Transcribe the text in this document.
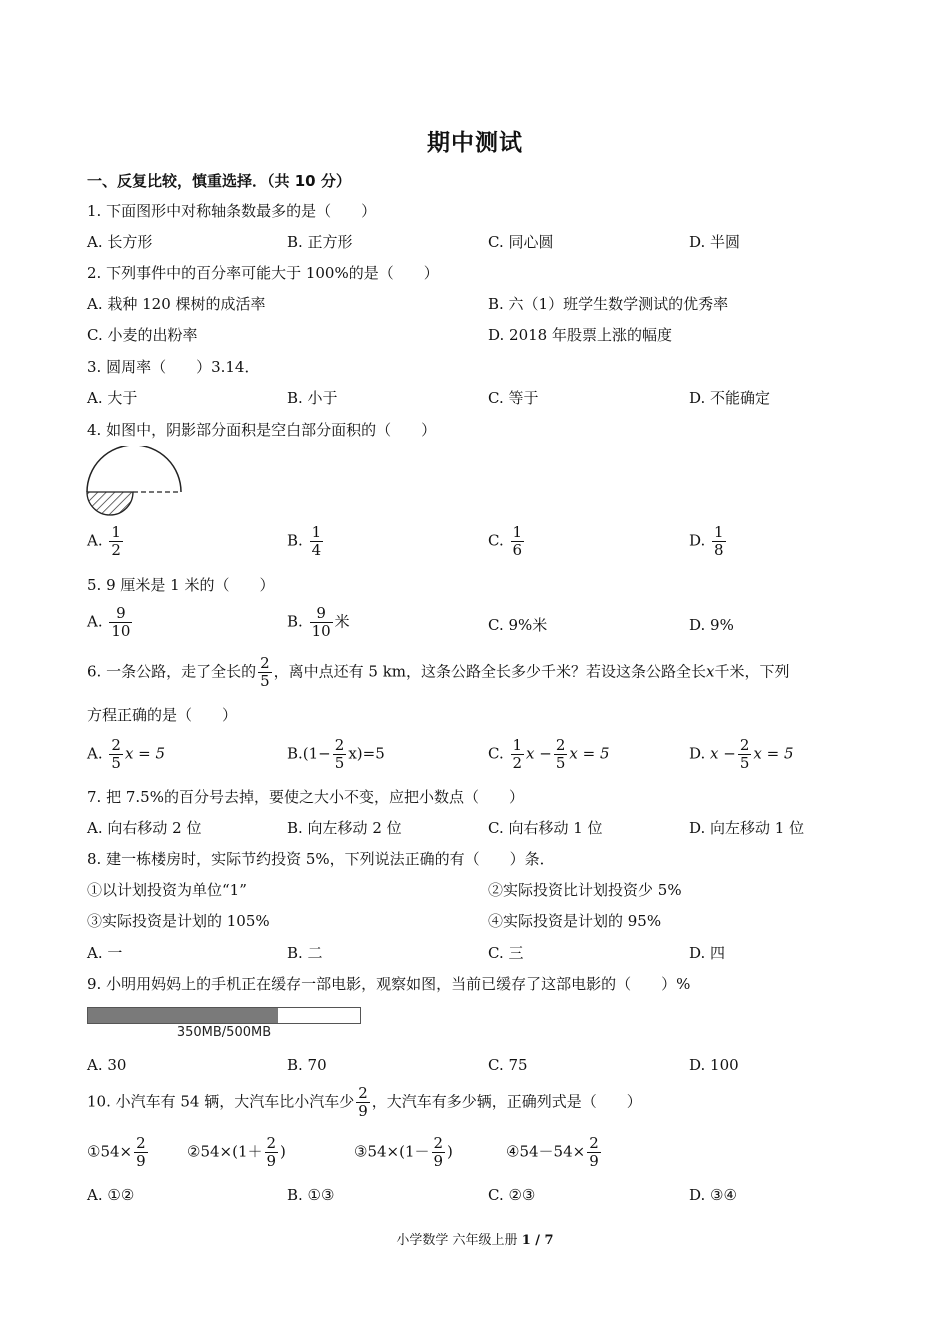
期中测试
一、反复比较，慎重选择．（共 10 分）
1. 下面图形中对称轴条数最多的是（　　）
A. 长方形	B. 正方形	C. 同心圆	D. 半圆
2. 下列事件中的百分率可能大于 100%的是（　　）
A. 栽种 120 棵树的成活率	B. 六（1）班学生数学测试的优秀率
C. 小麦的出粉率	D. 2018 年股票上涨的幅度
3. 圆周率（　　）3.14．
A. 大于	B. 小于	C. 等于	D. 不能确定
4. 如图中，阴影部分面积是空白部分面积的（　　）
A. $\frac{1}{2}$	B. $\frac{1}{4}$	C. $\frac{1}{6}$	D. $\frac{1}{8}$
5. 9 厘米是 1 米的（　　）
A. $\frac{9}{10}$	B. $\frac{9}{10}$ 米	C. 9%米	D. 9%
6. 一条公路，走了全长的 $\frac{2}{5}$ ，离中点还有 5 km，这条公路全长多少千米？若设这条公路全长x千米，下列
方程正确的是（　　）
A. $\frac{2}{5}$ x = 5	$B.(1- \frac{2}{5} x)=5$	C. $\frac{1}{2}$ $x - \frac{2}{5}$ x = 5	D. $x - \frac{2}{5}$ x = 5
7. 把 7.5%的百分号去掉，要使之大小不变，应把小数点（　　）
A. 向右移动 2 位	B. 向左移动 2 位	C. 向右移动 1 位	D. 向左移动 1 位
8. 建一栋楼房时，实际节约投资 5%，下列说法正确的有（　　）条．
①以计划投资为单位“1”	②实际投资比计划投资少 5%
③实际投资是计划的 105%	④实际投资是计划的 95%
A. 一	B. 二	C. 三	D. 四
9. 小明用妈妈上的手机正在缓存一部电影，观察如图，当前已缓存了这部电影的（　　）%
350MB/500MB
A. 30	B. 70	C. 75	D. 100
10. 小汽车有 54 辆，大汽车比小汽车少 $\frac{2}{9}$ ，大汽车有多少辆，正确列式是（　　）
①54× $\frac{2}{9}$	②54×(1＋ $\frac{2}{9}$ )	③54×(1－ $\frac{2}{9}$ )	④54－54× $\frac{2}{9}$
A. ①②	B. ①③	C. ②③	D. ③④
小学数学 六年级上册 1 / 7
